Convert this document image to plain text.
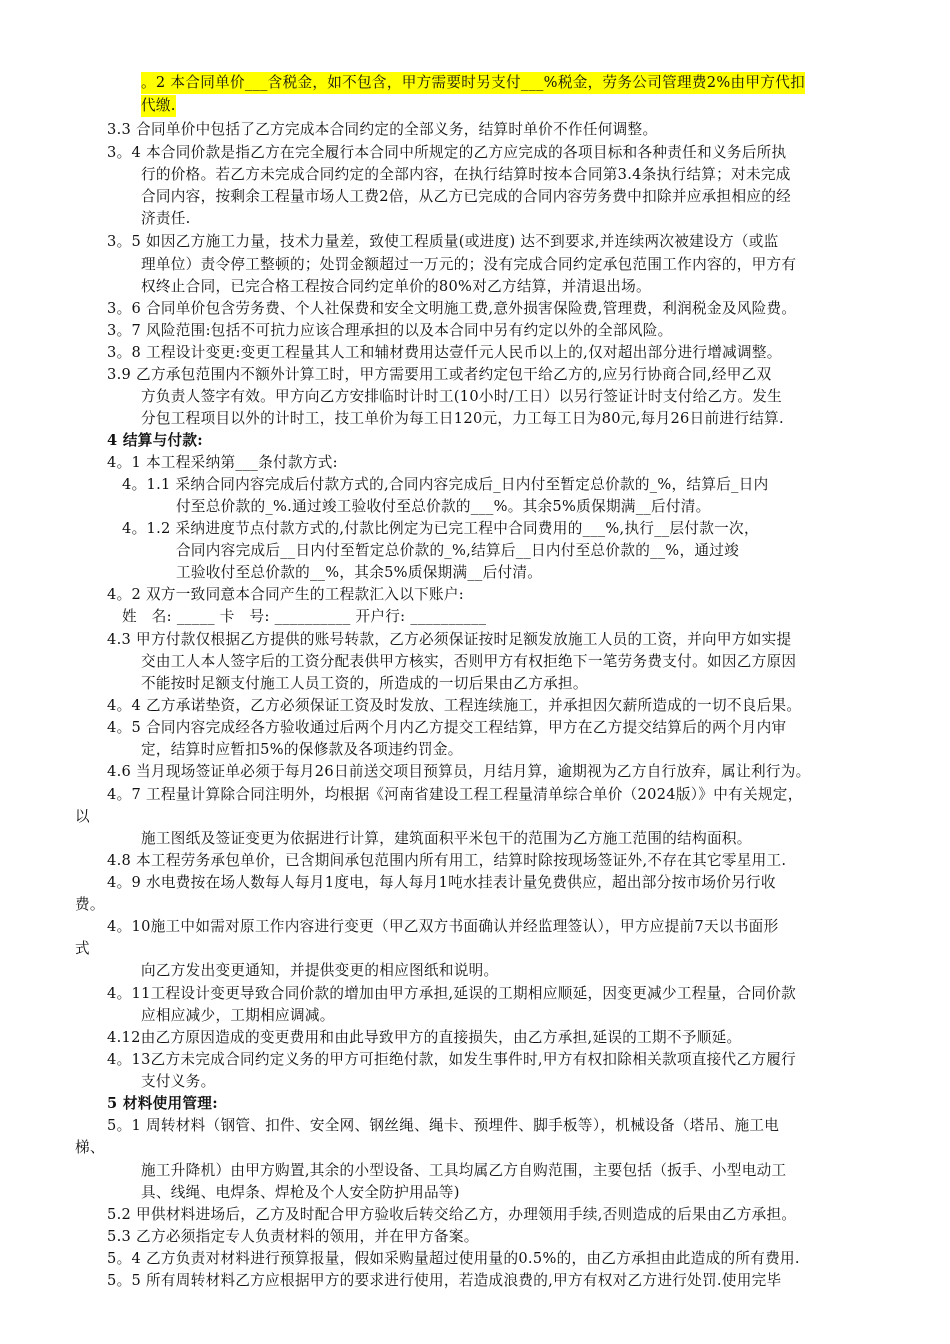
。2 本合同单价___含税金，如不包含，甲方需要时另支付___%税金，劳务公司管理费2%由甲方代扣
代缴.
3.3 合同单价中包括了乙方完成本合同约定的全部义务，结算时单价不作任何调整。
3。4 本合同价款是指乙方在完全履行本合同中所规定的乙方应完成的各项目标和各种责任和义务后所执
行的价格。若乙方未完成合同约定的全部内容，在执行结算时按本合同第3.4条执行结算；对未完成
合同内容，按剩余工程量市场人工费2倍，从乙方已完成的合同内容劳务费中扣除并应承担相应的经
济责任.
3。5 如因乙方施工力量，技术力量差，致使工程质量(或进度) 达不到要求,并连续两次被建设方（或监
理单位）责令停工整顿的；处罚金额超过一万元的；没有完成合同约定承包范围工作内容的，甲方有
权终止合同，已完合格工程按合同约定单价的80%对乙方结算，并清退出场。
3。6 合同单价包含劳务费、个人社保费和安全文明施工费,意外损害保险费,管理费，利润税金及风险费。
3。7 风险范围:包括不可抗力应该合理承担的以及本合同中另有约定以外的全部风险。
3。8 工程设计变更:变更工程量其人工和辅材费用达壹仟元人民币以上的,仅对超出部分进行增减调整。
3.9 乙方承包范围内不额外计算工时，甲方需要用工或者约定包干给乙方的,应另行协商合同,经甲乙双
方负责人签字有效。甲方向乙方安排临时计时工(10小时/工日）以另行签证计时支付给乙方。发生
分包工程项目以外的计时工，技工单价为每工日120元，力工每工日为80元,每月26日前进行结算.
4 结算与付款:
4。1 本工程采纳第___条付款方式:
4。1.1 采纳合同内容完成后付款方式的,合同内容完成后_日内付至暂定总价款的_%，结算后_日内
付至总价款的_%.通过竣工验收付至总价款的___%。其余5%质保期满__后付清。
4。1.2 采纳进度节点付款方式的,付款比例定为已完工程中合同费用的___%,执行__层付款一次，
合同内容完成后__日内付至暂定总价款的_%,结算后__日内付至总价款的__%，通过竣
工验收付至总价款的__%，其余5%质保期满__后付清。
4。2 双方一致同意本合同产生的工程款汇入以下账户:
姓　名: _____ 卡　号: __________ 开户行: __________
4.3 甲方付款仅根据乙方提供的账号转款，乙方必须保证按时足额发放施工人员的工资，并向甲方如实提
交由工人本人签字后的工资分配表供甲方核实，否则甲方有权拒绝下一笔劳务费支付。如因乙方原因
不能按时足额支付施工人员工资的，所造成的一切后果由乙方承担。
4。4 乙方承诺垫资，乙方必须保证工资及时发放、工程连续施工，并承担因欠薪所造成的一切不良后果。
4。5 合同内容完成经各方验收通过后两个月内乙方提交工程结算，甲方在乙方提交结算后的两个月内审
定，结算时应暂扣5%的保修款及各项违约罚金。
4.6 当月现场签证单必须于每月26日前送交项目预算员，月结月算，逾期视为乙方自行放弃，属让利行为。
4。7 工程量计算除合同注明外，均根据《河南省建设工程工程量清单综合单价（2024版）》中有关规定，
以
施工图纸及签证变更为依据进行计算，建筑面积平米包干的范围为乙方施工范围的结构面积。
4.8 本工程劳务承包单价，已含期间承包范围内所有用工，结算时除按现场签证外,不存在其它零星用工.
4。9 水电费按在场人数每人每月1度电，每人每月1吨水挂表计量免费供应，超出部分按市场价另行收
费。
4。10施工中如需对原工作内容进行变更（甲乙双方书面确认并经监理签认），甲方应提前7天以书面形
式
向乙方发出变更通知，并提供变更的相应图纸和说明。
4。11工程设计变更导致合同价款的增加由甲方承担,延误的工期相应顺延，因变更减少工程量，合同价款
应相应减少，工期相应调减。
4.12由乙方原因造成的变更费用和由此导致甲方的直接损失，由乙方承担,延误的工期不予顺延。
4。13乙方未完成合同约定义务的甲方可拒绝付款，如发生事件时,甲方有权扣除相关款项直接代乙方履行
支付义务。
5 材料使用管理:
5。1 周转材料（钢管、扣件、安全网、钢丝绳、绳卡、预埋件、脚手板等），机械设备（塔吊、施工电
梯、
施工升降机）由甲方购置,其余的小型设备、工具均属乙方自购范围，主要包括（扳手、小型电动工
具、线绳、电焊条、焊枪及个人安全防护用品等)
5.2 甲供材料进场后，乙方及时配合甲方验收后转交给乙方，办理领用手续,否则造成的后果由乙方承担。
5.3 乙方必须指定专人负责材料的领用，并在甲方备案。
5。4 乙方负责对材料进行预算报量，假如采购量超过使用量的0.5%的，由乙方承担由此造成的所有费用.
5。5 所有周转材料乙方应根据甲方的要求进行使用，若造成浪费的,甲方有权对乙方进行处罚.使用完毕
